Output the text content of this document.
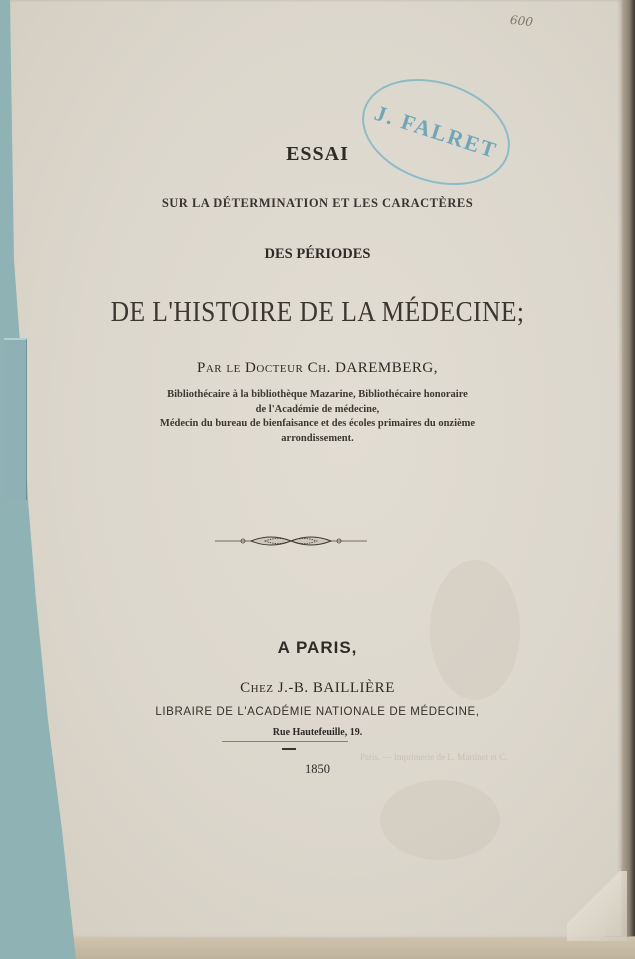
600
J. FALRET
ESSAI
SUR LA DÉTERMINATION ET LES CARACTÈRES
DES PÉRIODES
DE L'HISTOIRE DE LA MÉDECINE;
Par le Docteur Ch. DAREMBERG,
Bibliothécaire à la bibliothèque Mazarine, Bibliothécaire honoraire
de l'Académie de médecine,
Médecin du bureau de bienfaisance et des écoles primaires du onzième
arrondissement.
A PARIS,
Chez J.-B. BAILLIÈRE
LIBRAIRE DE L'ACADÉMIE NATIONALE DE MÉDECINE,
Rue Hautefeuille, 19.
1850
Paris. — Imprimerie de L. Martinet et C.
